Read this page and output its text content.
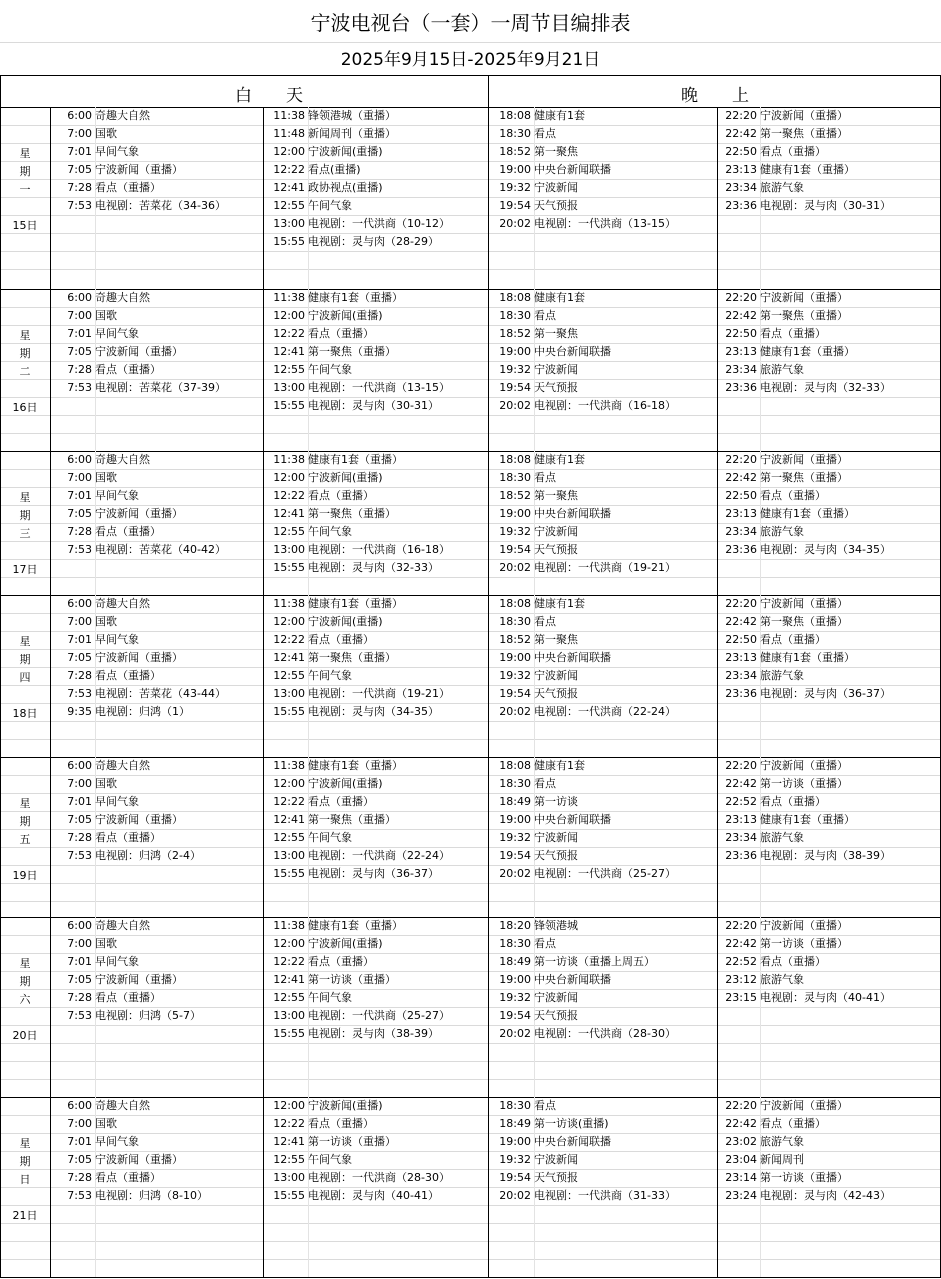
宁波电视台（一套）一周节目编排表
2025年9月15日-2025年9月21日
白　　天	晚　　上
星
期
一
15日
6:00 奇趣大自然
7:00 国歌
7:01 早间气象
7:05 宁波新闻（重播）
7:28 看点（重播）
7:53 电视剧：苦菜花（34-36）
11:38 锋领港城（重播）
11:48 新闻周刊（重播）
12:00 宁波新闻(重播)
12:22 看点(重播)
12:41 政协视点(重播)
12:55 午间气象
13:00 电视剧：一代洪商（10-12）
15:55 电视剧：灵与肉（28-29）
18:08 健康有1套
18:30 看点
18:52 第一聚焦
19:00 中央台新闻联播
19:32 宁波新闻
19:54 天气预报
20:02 电视剧：一代洪商（13-15）
22:20 宁波新闻（重播）
22:42 第一聚焦（重播）
22:50 看点（重播）
23:13 健康有1套（重播）
23:34 旅游气象
23:36 电视剧：灵与肉（30-31）
星
期
二
16日
6:00 奇趣大自然
7:00 国歌
7:01 早间气象
7:05 宁波新闻（重播）
7:28 看点（重播）
7:53 电视剧：苦菜花（37-39）
11:38 健康有1套（重播）
12:00 宁波新闻(重播)
12:22 看点（重播）
12:41 第一聚焦（重播）
12:55 午间气象
13:00 电视剧：一代洪商（13-15）
15:55 电视剧：灵与肉（30-31）
18:08 健康有1套
18:30 看点
18:52 第一聚焦
19:00 中央台新闻联播
19:32 宁波新闻
19:54 天气预报
20:02 电视剧：一代洪商（16-18）
22:20 宁波新闻（重播）
22:42 第一聚焦（重播）
22:50 看点（重播）
23:13 健康有1套（重播）
23:34 旅游气象
23:36 电视剧：灵与肉（32-33）
星
期
三
17日
6:00 奇趣大自然
7:00 国歌
7:01 早间气象
7:05 宁波新闻（重播）
7:28 看点（重播）
7:53 电视剧：苦菜花（40-42）
11:38 健康有1套（重播）
12:00 宁波新闻(重播)
12:22 看点（重播）
12:41 第一聚焦（重播）
12:55 午间气象
13:00 电视剧：一代洪商（16-18）
15:55 电视剧：灵与肉（32-33）
18:08 健康有1套
18:30 看点
18:52 第一聚焦
19:00 中央台新闻联播
19:32 宁波新闻
19:54 天气预报
20:02 电视剧：一代洪商（19-21）
22:20 宁波新闻（重播）
22:42 第一聚焦（重播）
22:50 看点（重播）
23:13 健康有1套（重播）
23:34 旅游气象
23:36 电视剧：灵与肉（34-35）
星
期
四
18日
6:00 奇趣大自然
7:00 国歌
7:01 早间气象
7:05 宁波新闻（重播）
7:28 看点（重播）
7:53 电视剧：苦菜花（43-44）
9:35 电视剧：归鸿（1）
11:38 健康有1套（重播）
12:00 宁波新闻(重播)
12:22 看点（重播）
12:41 第一聚焦（重播）
12:55 午间气象
13:00 电视剧：一代洪商（19-21）
15:55 电视剧：灵与肉（34-35）
18:08 健康有1套
18:30 看点
18:52 第一聚焦
19:00 中央台新闻联播
19:32 宁波新闻
19:54 天气预报
20:02 电视剧：一代洪商（22-24）
22:20 宁波新闻（重播）
22:42 第一聚焦（重播）
22:50 看点（重播）
23:13 健康有1套（重播）
23:34 旅游气象
23:36 电视剧：灵与肉（36-37）
星
期
五
19日
6:00 奇趣大自然
7:00 国歌
7:01 早间气象
7:05 宁波新闻（重播）
7:28 看点（重播）
7:53 电视剧：归鸿（2-4）
11:38 健康有1套（重播）
12:00 宁波新闻(重播)
12:22 看点（重播）
12:41 第一聚焦（重播）
12:55 午间气象
13:00 电视剧：一代洪商（22-24）
15:55 电视剧：灵与肉（36-37）
18:08 健康有1套
18:30 看点
18:49 第一访谈
19:00 中央台新闻联播
19:32 宁波新闻
19:54 天气预报
20:02 电视剧：一代洪商（25-27）
22:20 宁波新闻（重播）
22:42 第一访谈（重播）
22:52 看点（重播）
23:13 健康有1套（重播）
23:34 旅游气象
23:36 电视剧：灵与肉（38-39）
星
期
六
20日
6:00 奇趣大自然
7:00 国歌
7:01 早间气象
7:05 宁波新闻（重播）
7:28 看点（重播）
7:53 电视剧：归鸿（5-7）
11:38 健康有1套（重播）
12:00 宁波新闻(重播)
12:22 看点（重播）
12:41 第一访谈（重播）
12:55 午间气象
13:00 电视剧：一代洪商（25-27）
15:55 电视剧：灵与肉（38-39）
18:20 锋领港城
18:30 看点
18:49 第一访谈（重播上周五）
19:00 中央台新闻联播
19:32 宁波新闻
19:54 天气预报
20:02 电视剧：一代洪商（28-30）
22:20 宁波新闻（重播）
22:42 第一访谈（重播）
22:52 看点（重播）
23:12 旅游气象
23:15 电视剧：灵与肉（40-41）
星
期
日
21日
6:00 奇趣大自然
7:00 国歌
7:01 早间气象
7:05 宁波新闻（重播）
7:28 看点（重播）
7:53 电视剧：归鸿（8-10）
12:00 宁波新闻(重播)
12:22 看点（重播）
12:41 第一访谈（重播）
12:55 午间气象
13:00 电视剧：一代洪商（28-30）
15:55 电视剧：灵与肉（40-41）
18:30 看点
18:49 第一访谈(重播)
19:00 中央台新闻联播
19:32 宁波新闻
19:54 天气预报
20:02 电视剧：一代洪商（31-33）
22:20 宁波新闻（重播）
22:42 看点（重播）
23:02 旅游气象
23:04 新闻周刊
23:14 第一访谈（重播）
23:24 电视剧：灵与肉（42-43）
